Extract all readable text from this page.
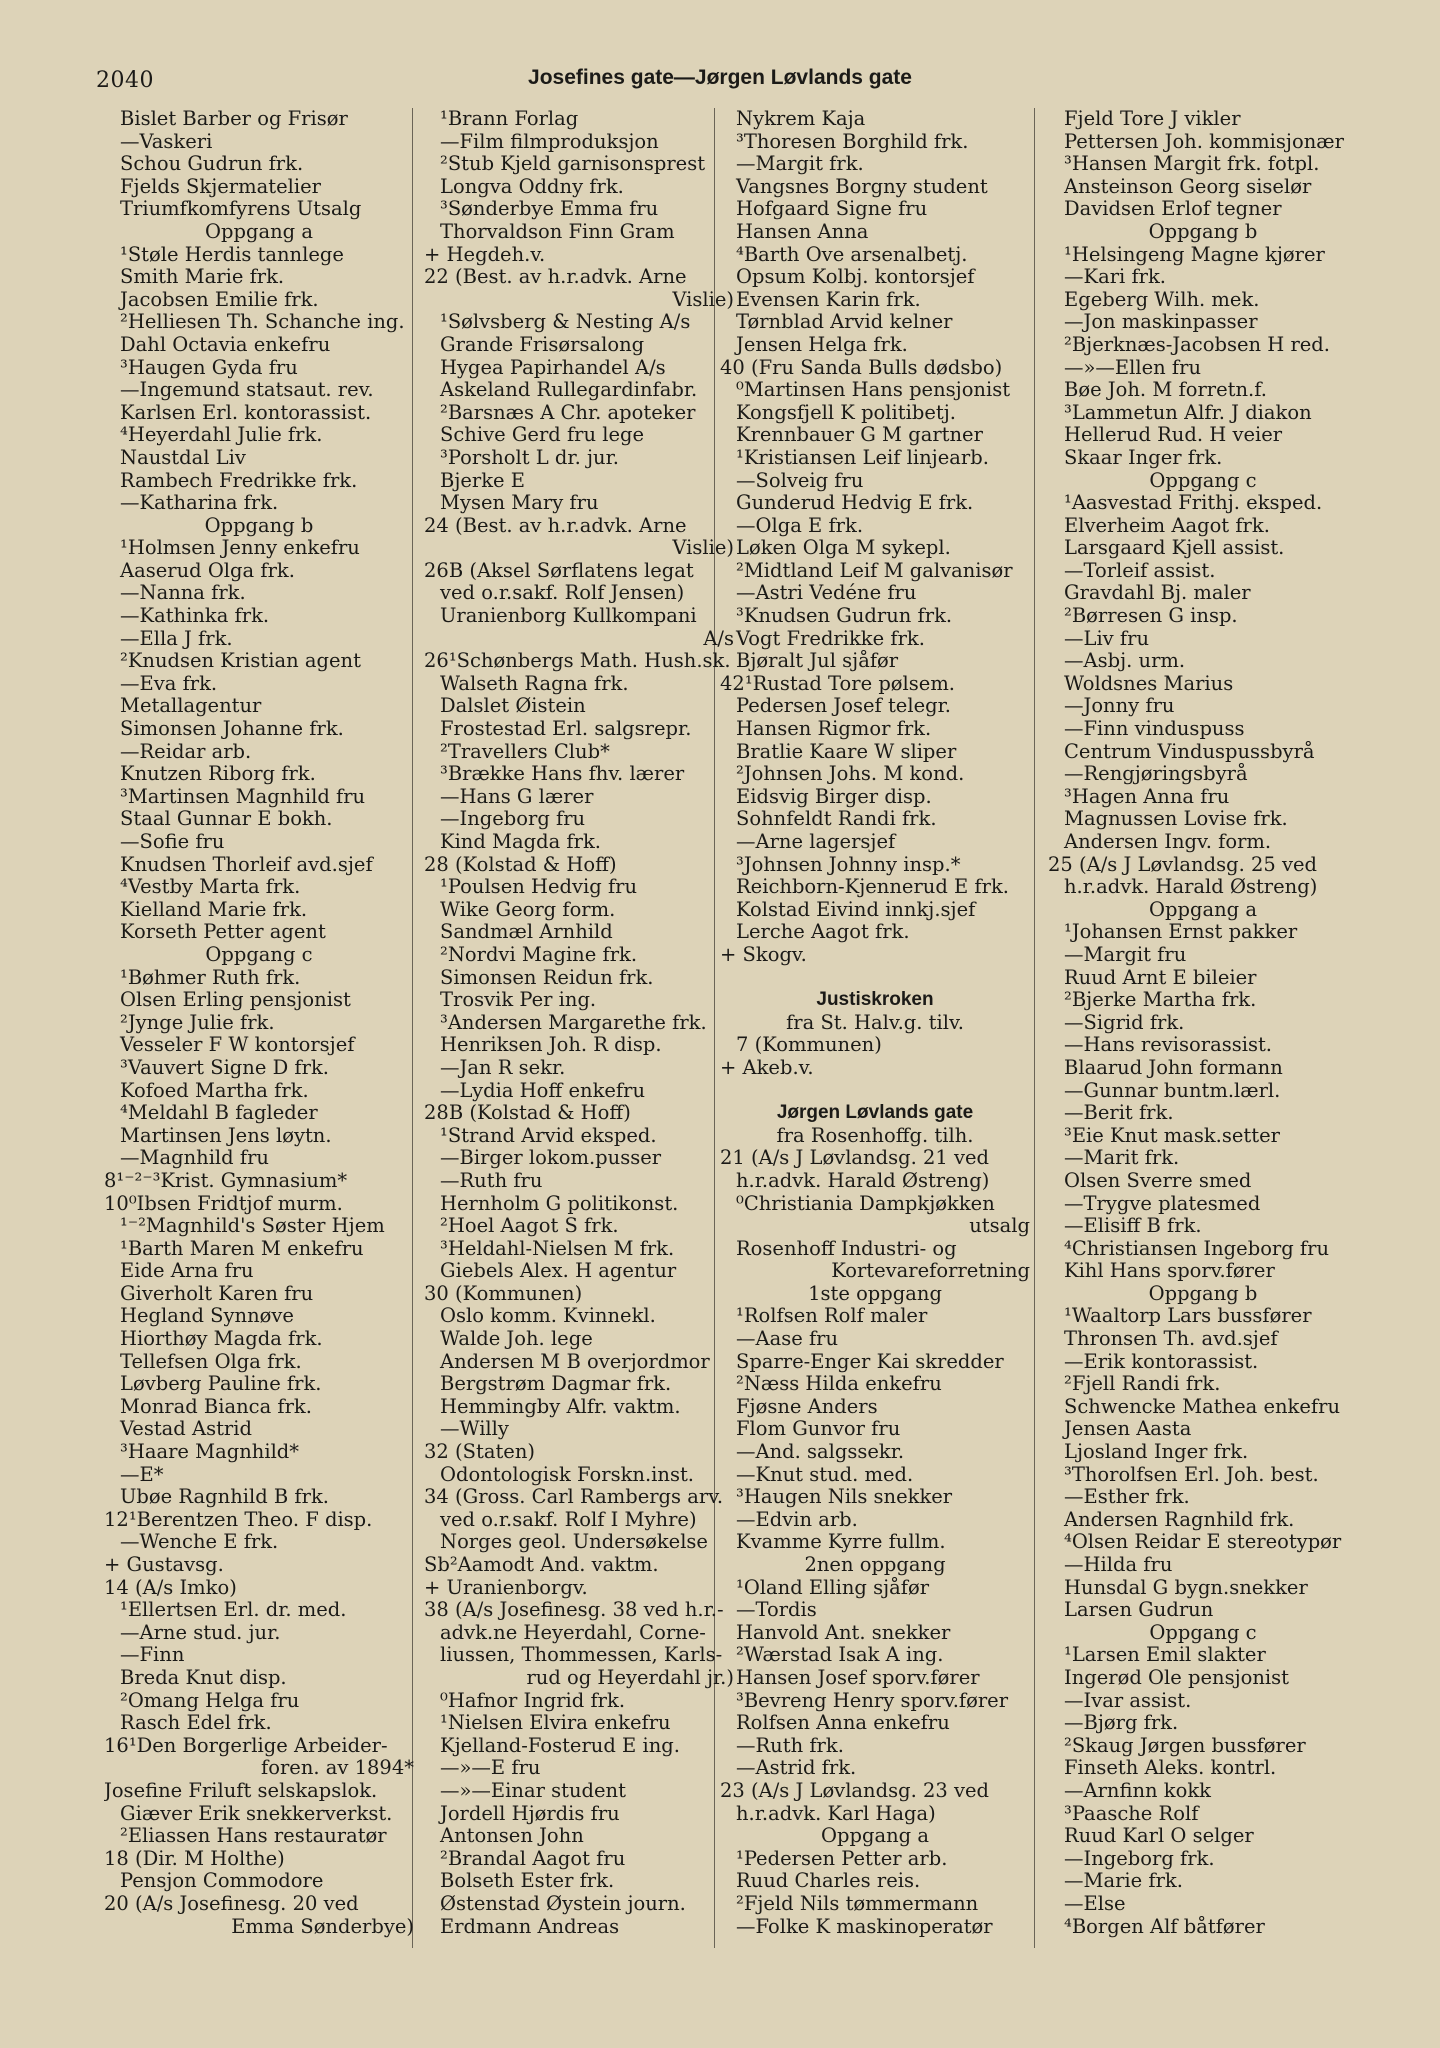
2040	Josefines gate—Jørgen Løvlands gate
Bislet Barber og Frisør
—Vaskeri
Schou Gudrun frk.
Fjelds Skjermatelier
Triumfkomfyrens Utsalg
Oppgang a
¹Støle Herdis tannlege
Smith Marie frk.
Jacobsen Emilie frk.
²Helliesen Th. Schanche ing.
Dahl Octavia enkefru
³Haugen Gyda fru
—Ingemund statsaut. rev.
Karlsen Erl. kontorassist.
⁴Heyerdahl Julie frk.
Naustdal Liv
Rambech Fredrikke frk.
—Katharina frk.
Oppgang b
¹Holmsen Jenny enkefru
Aaserud Olga frk.
—Nanna frk.
—Kathinka frk.
—Ella J frk.
²Knudsen Kristian agent
—Eva frk.
Metallagentur
Simonsen Johanne frk.
—Reidar arb.
Knutzen Riborg frk.
³Martinsen Magnhild fru
Staal Gunnar E bokh.
—Sofie fru
Knudsen Thorleif avd.sjef
⁴Vestby Marta frk.
Kielland Marie frk.
Korseth Petter agent
Oppgang c
¹Bøhmer Ruth frk.
Olsen Erling pensjonist
²Jynge Julie frk.
Vesseler F W kontorsjef
³Vauvert Signe D frk.
Kofoed Martha frk.
⁴Meldahl B fagleder
Martinsen Jens løytn.
—Magnhild fru
8¹⁻²⁻³Krist. Gymnasium*
10⁰Ibsen Fridtjof murm.
¹⁻²Magnhild's Søster Hjem
¹Barth Maren M enkefru
Eide Arna fru
Giverholt Karen fru
Hegland Synnøve
Hiorthøy Magda frk.
Tellefsen Olga frk.
Løvberg Pauline frk.
Monrad Bianca frk.
Vestad Astrid
³Haare Magnhild*
—E*
Ubøe Ragnhild B frk.
12¹Berentzen Theo. F disp.
—Wenche E frk.
+ Gustavsg.
14 (A/s Imko)
¹Ellertsen Erl. dr. med.
—Arne stud. jur.
—Finn
Breda Knut disp.
²Omang Helga fru
Rasch Edel frk.
16¹Den Borgerlige Arbeider-
foren. av 1894*
Josefine Friluft selskapslok.
Giæver Erik snekkerverkst.
²Eliassen Hans restauratør
18 (Dir. M Holthe)
Pensjon Commodore
20 (A/s Josefinesg. 20 ved
Emma Sønderbye)
¹Brann Forlag
—Film filmproduksjon
²Stub Kjeld garnisonsprest
Longva Oddny frk.
³Sønderbye Emma fru
Thorvaldson Finn Gram
+ Hegdeh.v.
22 (Best. av h.r.advk. Arne
Vislie)
¹Sølvsberg & Nesting A/s
Grande Frisørsalong
Hygea Papirhandel A/s
Askeland Rullegardinfabr.
²Barsnæs A Chr. apoteker
Schive Gerd fru lege
³Porsholt L dr. jur.
Bjerke E
Mysen Mary fru
24 (Best. av h.r.advk. Arne
Vislie)
26B (Aksel Sørflatens legat
ved o.r.sakf. Rolf Jensen)
Uranienborg Kullkompani
A/s
26¹Schønbergs Math. Hush.sk.
Walseth Ragna frk.
Dalslet Øistein
Frostestad Erl. salgsrepr.
²Travellers Club*
³Brække Hans fhv. lærer
—Hans G lærer
—Ingeborg fru
Kind Magda frk.
28 (Kolstad & Hoff)
¹Poulsen Hedvig fru
Wike Georg form.
Sandmæl Arnhild
²Nordvi Magine frk.
Simonsen Reidun frk.
Trosvik Per ing.
³Andersen Margarethe frk.
Henriksen Joh. R disp.
—Jan R sekr.
—Lydia Hoff enkefru
28B (Kolstad & Hoff)
¹Strand Arvid eksped.
—Birger lokom.pusser
—Ruth fru
Hernholm G politikonst.
²Hoel Aagot S frk.
³Heldahl-Nielsen M frk.
Giebels Alex. H agentur
30 (Kommunen)
Oslo komm. Kvinnekl.
Walde Joh. lege
Andersen M B overjordmor
Bergstrøm Dagmar frk.
Hemmingby Alfr. vaktm.
—Willy
32 (Staten)
Odontologisk Forskn.inst.
34 (Gross. Carl Rambergs arv.
ved o.r.sakf. Rolf I Myhre)
Norges geol. Undersøkelse
Sb²Aamodt And. vaktm.
+ Uranienborgv.
38 (A/s Josefinesg. 38 ved h.r.-
advk.ne Heyerdahl, Corne-
liussen, Thommessen, Karls-
rud og Heyerdahl jr.)
⁰Hafnor Ingrid frk.
¹Nielsen Elvira enkefru
Kjelland-Fosterud E ing.
—»—E fru
—»—Einar student
Jordell Hjørdis fru
Antonsen John
²Brandal Aagot fru
Bolseth Ester frk.
Østenstad Øystein journ.
Erdmann Andreas
Nykrem Kaja
³Thoresen Borghild frk.
—Margit frk.
Vangsnes Borgny student
Hofgaard Signe fru
Hansen Anna
⁴Barth Ove arsenalbetj.
Opsum Kolbj. kontorsjef
Evensen Karin frk.
Tørnblad Arvid kelner
Jensen Helga frk.
40 (Fru Sanda Bulls dødsbo)
⁰Martinsen Hans pensjonist
Kongsfjell K politibetj.
Krennbauer G M gartner
¹Kristiansen Leif linjearb.
—Solveig fru
Gunderud Hedvig E frk.
—Olga E frk.
Løken Olga M sykepl.
²Midtland Leif M galvanisør
—Astri Vedéne fru
³Knudsen Gudrun frk.
Vogt Fredrikke frk.
Bjøralt Jul sjåfør
42¹Rustad Tore pølsem.
Pedersen Josef telegr.
Hansen Rigmor frk.
Bratlie Kaare W sliper
²Johnsen Johs. M kond.
Eidsvig Birger disp.
Sohnfeldt Randi frk.
—Arne lagersjef
³Johnsen Johnny insp.*
Reichborn-Kjennerud E frk.
Kolstad Eivind innkj.sjef
Lerche Aagot frk.
+ Skogv.
Justiskroken
fra St. Halv.g. tilv.
7 (Kommunen)
+ Akeb.v.
Jørgen Løvlands gate
fra Rosenhoffg. tilh.
21 (A/s J Løvlandsg. 21 ved
h.r.advk. Harald Østreng)
⁰Christiania Dampkjøkken
utsalg
Rosenhoff Industri- og
Kortevareforretning
1ste oppgang
¹Rolfsen Rolf maler
—Aase fru
Sparre-Enger Kai skredder
²Næss Hilda enkefru
Fjøsne Anders
Flom Gunvor fru
—And. salgssekr.
—Knut stud. med.
³Haugen Nils snekker
—Edvin arb.
Kvamme Kyrre fullm.
2nen oppgang
¹Oland Elling sjåfør
—Tordis
Hanvold Ant. snekker
²Wærstad Isak A ing.
Hansen Josef sporv.fører
³Bevreng Henry sporv.fører
Rolfsen Anna enkefru
—Ruth frk.
—Astrid frk.
23 (A/s J Løvlandsg. 23 ved
h.r.advk. Karl Haga)
Oppgang a
¹Pedersen Petter arb.
Ruud Charles reis.
²Fjeld Nils tømmermann
—Folke K maskinoperatør
Fjeld Tore J vikler
Pettersen Joh. kommisjonær
³Hansen Margit frk. fotpl.
Ansteinson Georg siselør
Davidsen Erlof tegner
Oppgang b
¹Helsingeng Magne kjører
—Kari frk.
Egeberg Wilh. mek.
—Jon maskinpasser
²Bjerknæs-Jacobsen H red.
—»—Ellen fru
Bøe Joh. M forretn.f.
³Lammetun Alfr. J diakon
Hellerud Rud. H veier
Skaar Inger frk.
Oppgang c
¹Aasvestad Frithj. eksped.
Elverheim Aagot frk.
Larsgaard Kjell assist.
—Torleif assist.
Gravdahl Bj. maler
²Børresen G insp.
—Liv fru
—Asbj. urm.
Woldsnes Marius
—Jonny fru
—Finn vinduspuss
Centrum Vinduspussbyrå
—Rengjøringsbyrå
³Hagen Anna fru
Magnussen Lovise frk.
Andersen Ingv. form.
25 (A/s J Løvlandsg. 25 ved
h.r.advk. Harald Østreng)
Oppgang a
¹Johansen Ernst pakker
—Margit fru
Ruud Arnt E bileier
²Bjerke Martha frk.
—Sigrid frk.
—Hans revisorassist.
Blaarud John formann
—Gunnar buntm.lærl.
—Berit frk.
³Eie Knut mask.setter
—Marit frk.
Olsen Sverre smed
—Trygve platesmed
—Elisiff B frk.
⁴Christiansen Ingeborg fru
Kihl Hans sporv.fører
Oppgang b
¹Waaltorp Lars bussfører
Thronsen Th. avd.sjef
—Erik kontorassist.
²Fjell Randi frk.
Schwencke Mathea enkefru
Jensen Aasta
Ljosland Inger frk.
³Thorolfsen Erl. Joh. best.
—Esther frk.
Andersen Ragnhild frk.
⁴Olsen Reidar E stereotypør
—Hilda fru
Hunsdal G bygn.snekker
Larsen Gudrun
Oppgang c
¹Larsen Emil slakter
Ingerød Ole pensjonist
—Ivar assist.
—Bjørg frk.
²Skaug Jørgen bussfører
Finseth Aleks. kontrl.
—Arnfinn kokk
³Paasche Rolf
Ruud Karl O selger
—Ingeborg frk.
—Marie frk.
—Else
⁴Borgen Alf båtfører
